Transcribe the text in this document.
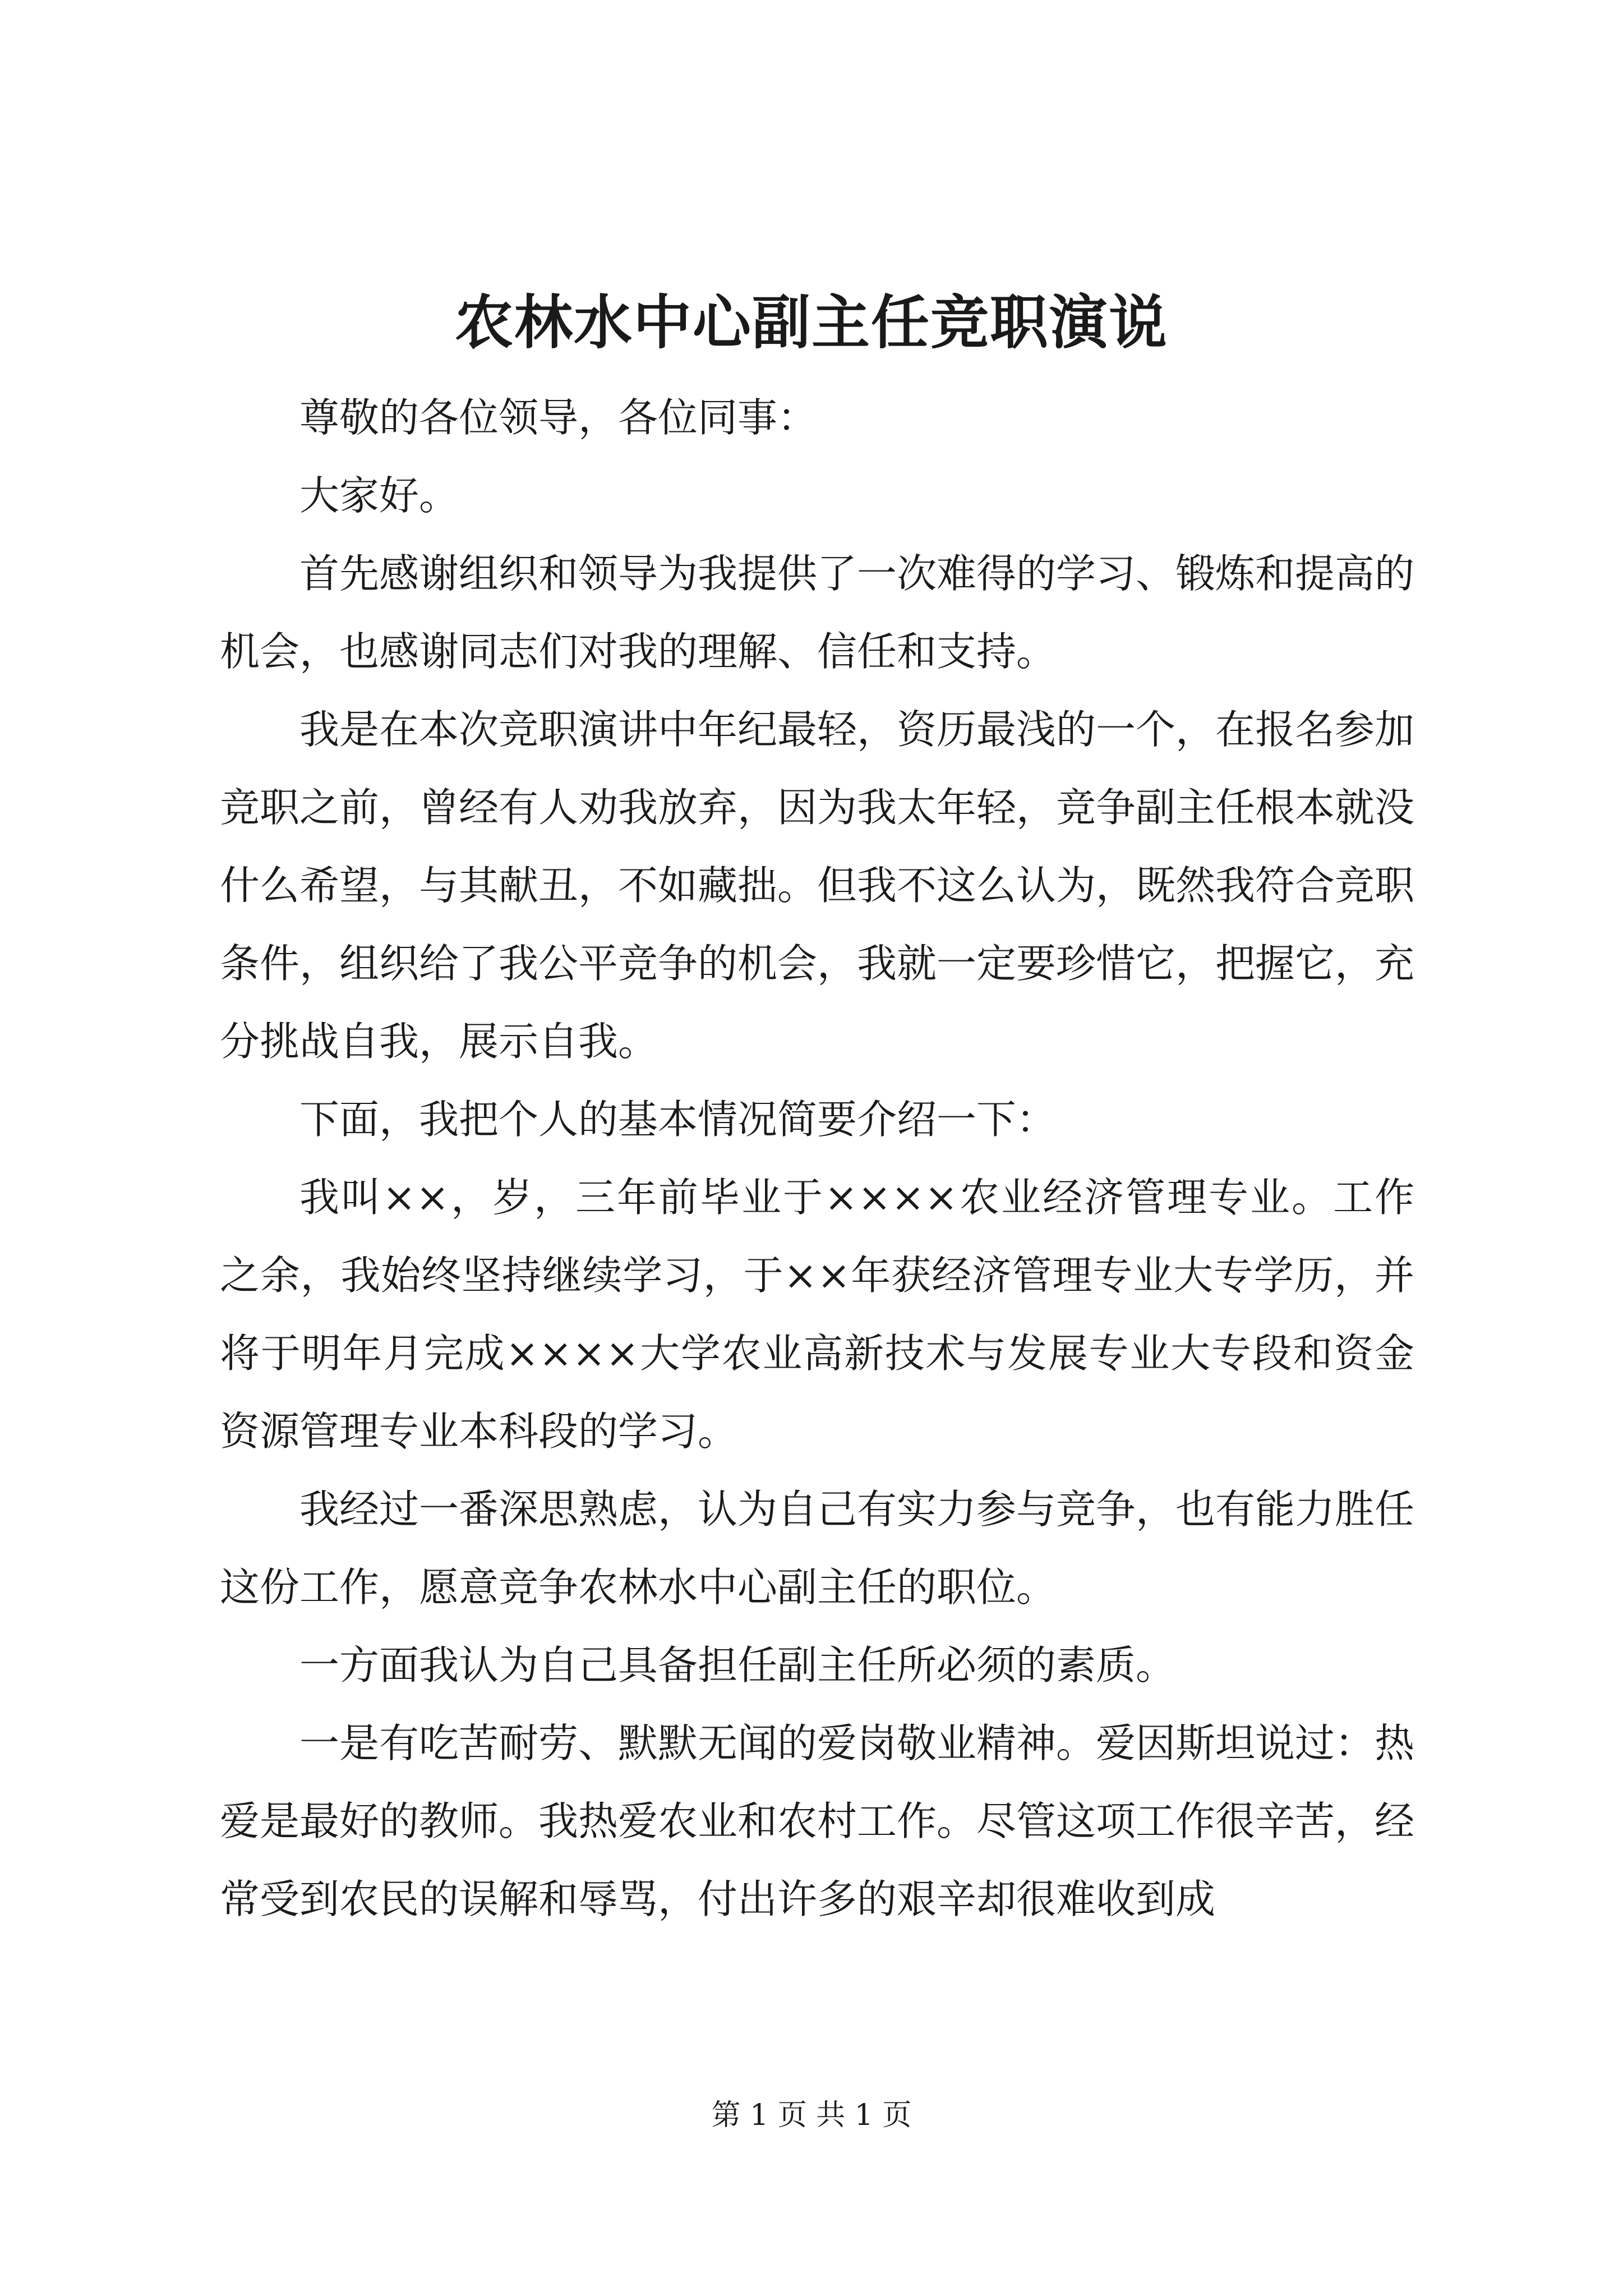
农林水中心副主任竞职演说

尊敬的各位领导，各位同事：

大家好。

首先感谢组织和领导为我提供了一次难得的学习、锻炼和提高的机会，也感谢同志们对我的理解、信任和支持。

我是在本次竞职演讲中年纪最轻，资历最浅的一个，在报名参加竞职之前，曾经有人劝我放弃，因为我太年轻，竞争副主任根本就没什么希望，与其献丑，不如藏拙。但我不这么认为，既然我符合竞职条件，组织给了我公平竞争的机会，我就一定要珍惜它，把握它，充分挑战自我，展示自我。

下面，我把个人的基本情况简要介绍一下：

我叫××，岁，三年前毕业于××××农业经济管理专业。工作之余，我始终坚持继续学习，于××年获经济管理专业大专学历，并将于明年月完成××××大学农业高新技术与发展专业大专段和资金资源管理专业本科段的学习。

我经过一番深思熟虑，认为自己有实力参与竞争，也有能力胜任这份工作，愿意竞争农林水中心副主任的职位。

一方面我认为自己具备担任副主任所必须的素质。

一是有吃苦耐劳、默默无闻的爱岗敬业精神。爱因斯坦说过：热爱是最好的教师。我热爱农业和农村工作。尽管这项工作很辛苦，经常受到农民的误解和辱骂，付出许多的艰辛却很难收到成

第 1 页 共 1 页
